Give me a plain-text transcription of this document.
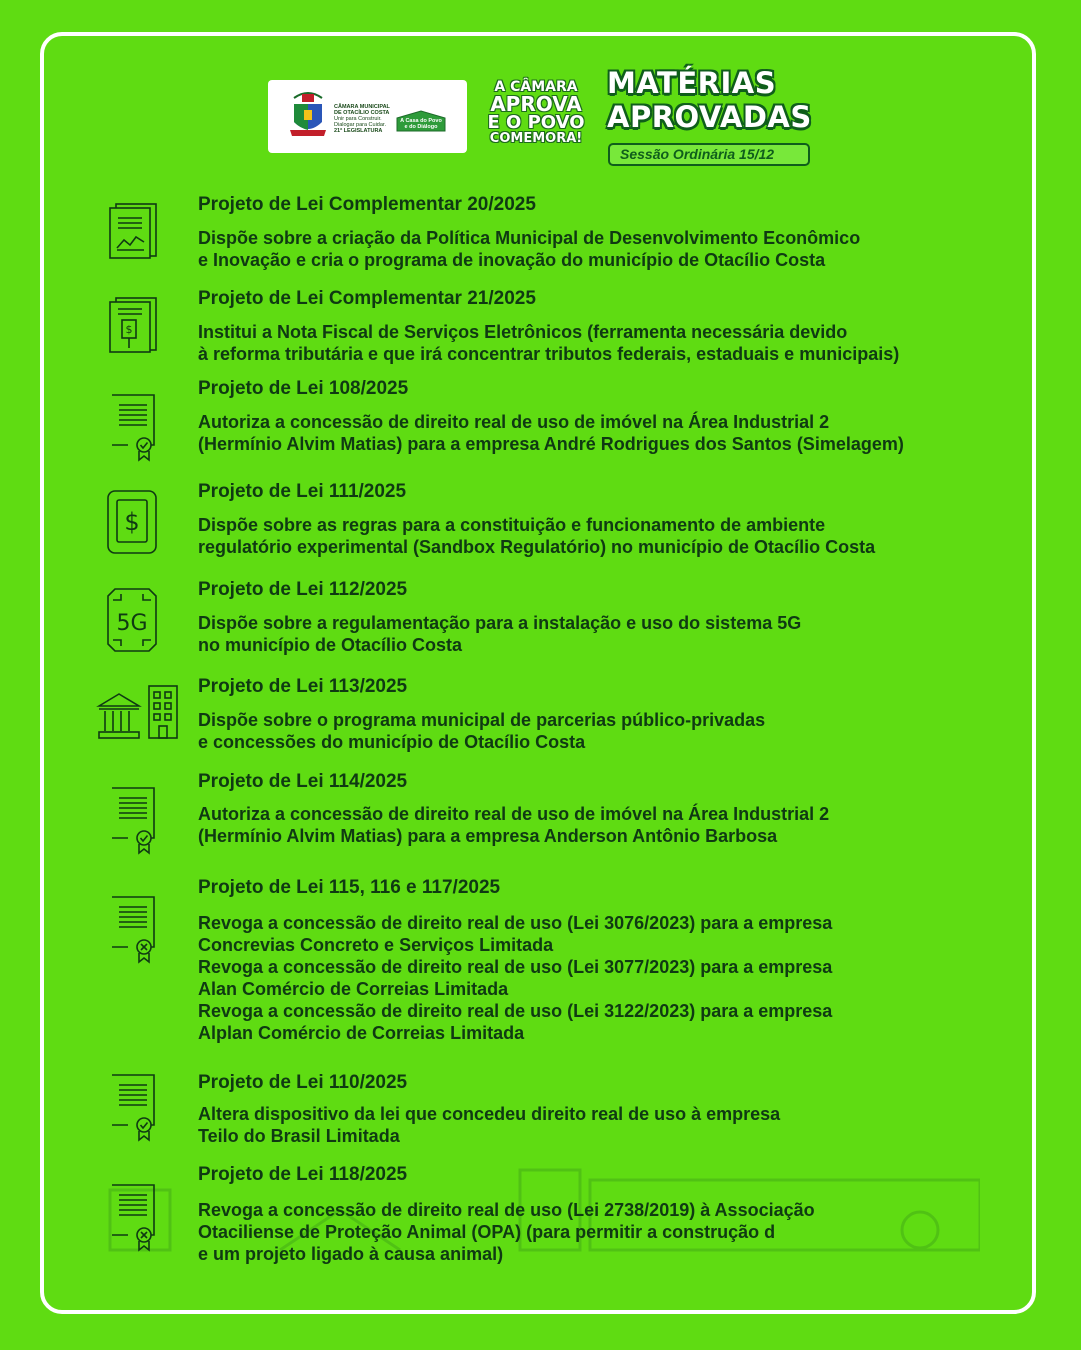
CÂMARA MUNICIPAL DE OTACÍLIO COSTA
Unir para Construir. Dialogar para Cuidar.
21ª LEGISLATURA
A Casa do Povo e do Diálogo
A CÂMARA
APROVA
E O POVO
COMEMORA!
MATÉRIAS
APROVADAS
Sessão Ordinária 15/12
Projeto de Lei Complementar 20/2025
Dispõe sobre a criação da Política Municipal de Desenvolvimento Econômico
e Inovação e cria o programa de inovação do município de Otacílio Costa
$
Projeto de Lei Complementar 21/2025
Institui a Nota Fiscal de Serviços Eletrônicos (ferramenta necessária devido
à reforma tributária e que irá concentrar tributos federais, estaduais e municipais)
Projeto de Lei 108/2025
Autoriza a concessão de direito real de uso de imóvel na Área Industrial 2
(Hermínio Alvim Matias) para a empresa André Rodrigues dos Santos (Simelagem)
$
Projeto de Lei 111/2025
Dispõe sobre as regras para a constituição e funcionamento de ambiente
regulatório experimental (Sandbox Regulatório) no município de Otacílio Costa
5G
Projeto de Lei 112/2025
Dispõe sobre a regulamentação para a instalação e uso do sistema 5G
no município de Otacílio Costa
Projeto de Lei 113/2025
Dispõe sobre o programa municipal de parcerias público-privadas
e concessões do município de Otacílio Costa
Projeto de Lei 114/2025
Autoriza a concessão de direito real de uso de imóvel na Área Industrial 2
(Hermínio Alvim Matias) para a empresa Anderson Antônio Barbosa
Projeto de Lei 115, 116 e 117/2025
Revoga a concessão de direito real de uso (Lei 3076/2023) para a empresa
Concrevias Concreto e Serviços Limitada
Revoga a concessão de direito real de uso (Lei 3077/2023) para a empresa
Alan Comércio de Correias Limitada
Revoga a concessão de direito real de uso (Lei 3122/2023) para a empresa
Alplan Comércio de Correias Limitada
Projeto de Lei 110/2025
Altera dispositivo da lei que concedeu direito real de uso à empresa
Teilo do Brasil Limitada
Projeto de Lei 118/2025
Revoga a concessão de direito real de uso (Lei 2738/2019) à Associação
Otaciliense de Proteção Animal (OPA) (para permitir a construção d
e um projeto ligado à causa animal)
